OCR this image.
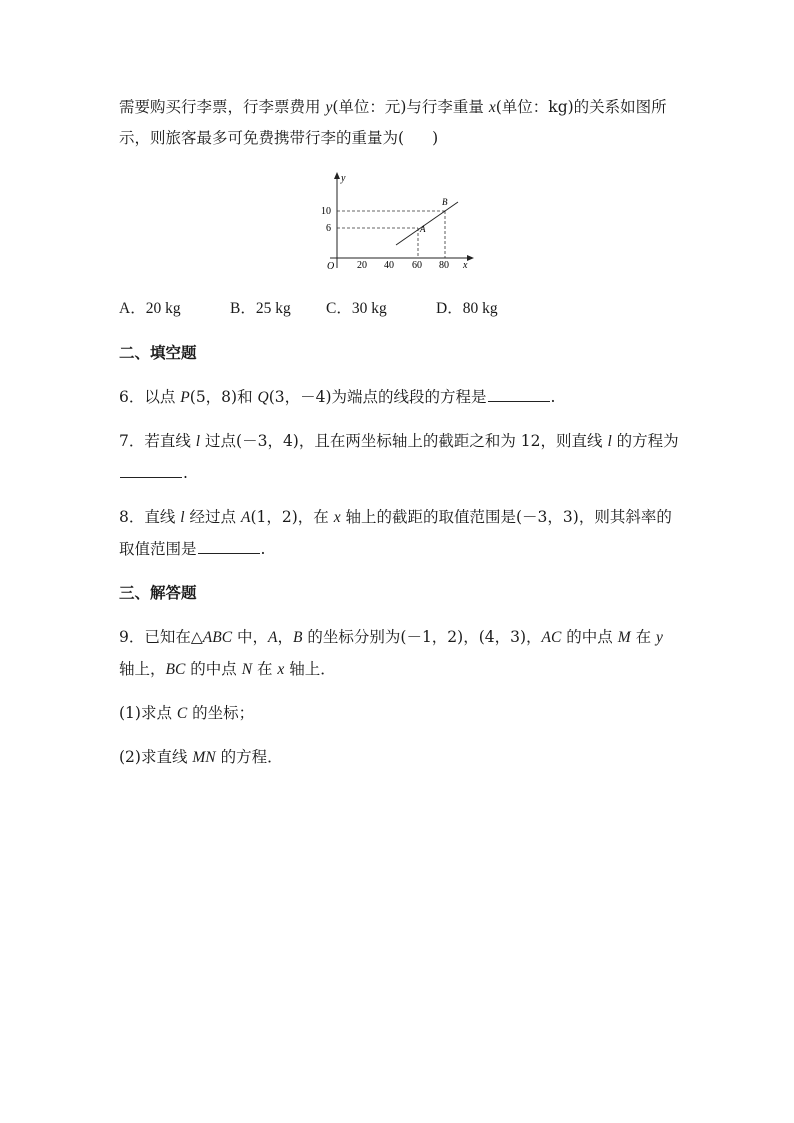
需要购买行李票，行李票费用 y(单位：元)与行李重量 x(单位：kg)的关系如图所
示，则旅客最多可免费携带行李的重量为( )
y
x
O 20 40 60 80
10
6	A
B
A．20 kg	B．25 kg C．30 kg	D．80 kg
二、填空题
6．以点 P(5，8)和 Q(3，－4)为端点的线段的方程是	.
7．若直线 l 过点(－3，4)，且在两坐标轴上的截距之和为 12，则直线 l 的方程为
.
8．直线 l 经过点 A(1，2)，在 x 轴上的截距的取值范围是(－3，3)，则其斜率的
取值范围是	.
三、解答题
9．已知在△ABC 中，A，B 的坐标分别为(－1，2)，(4，3)，AC 的中点 M 在 y
轴上，BC 的中点 N 在 x 轴上．
(1)求点 C 的坐标；
(2)求直线 MN 的方程．
